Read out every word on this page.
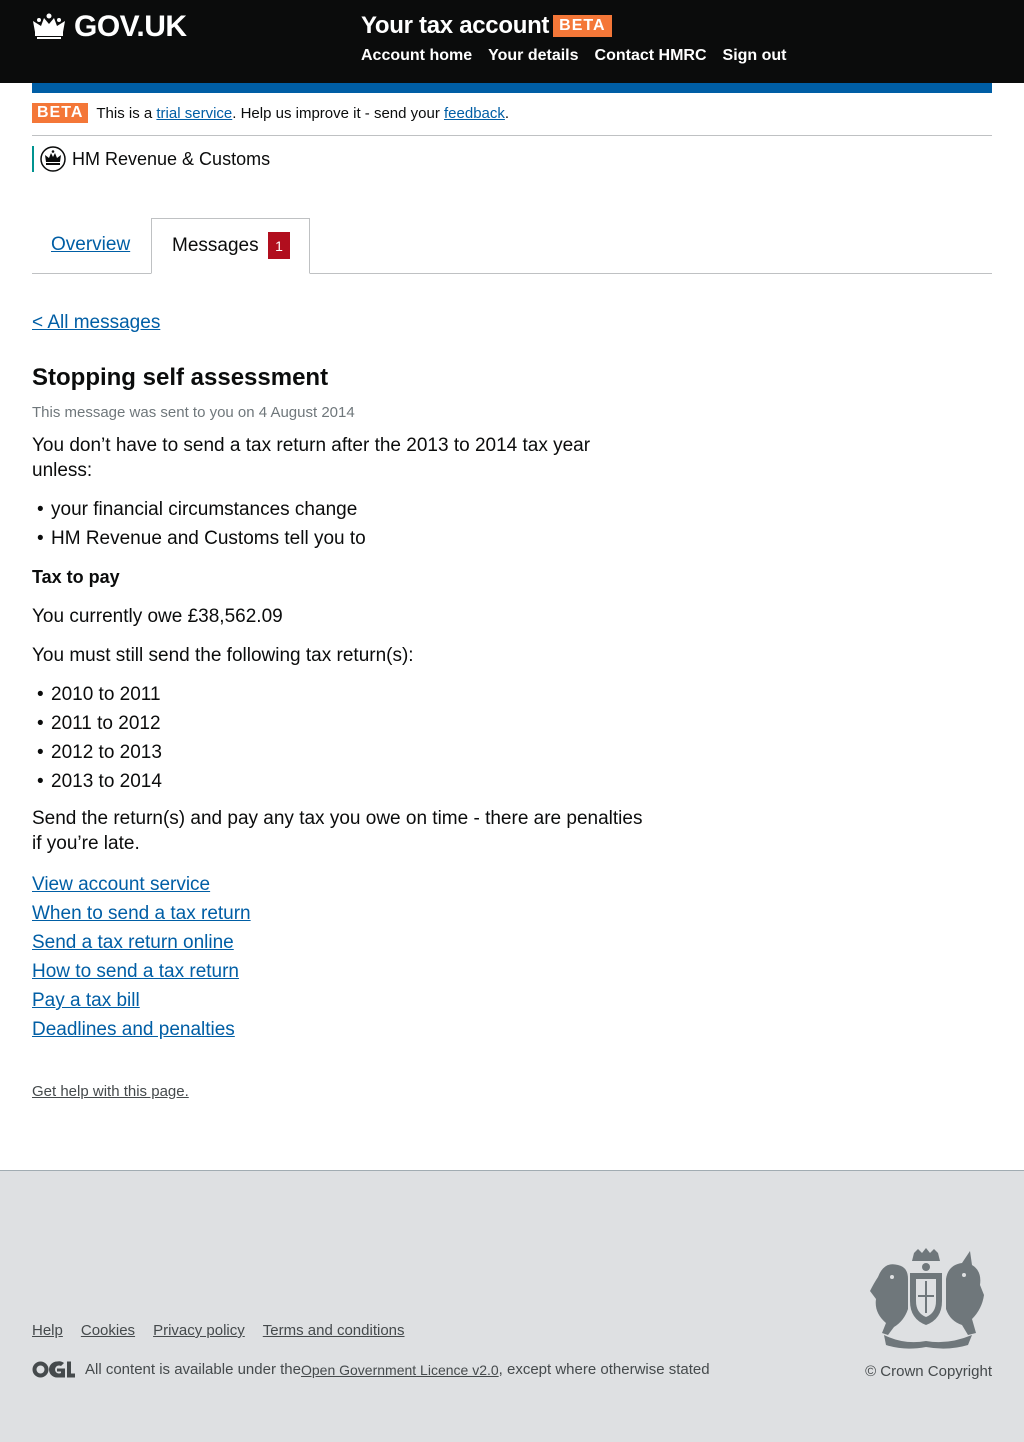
GOV.UK	Your tax account BETA
Account home Your details Contact HMRC Sign out
BETA This is a trial service. Help us improve it - send your feedback.
HM Revenue & Customs
Overview Messages	1
< All messages
Stopping self assessment
This message was sent to you on 4 August 2014

You don’t have to send a tax return after the 2013 to 2014 tax year unless:

• your financial circumstances change
• HM Revenue and Customs tell you to
Tax to pay

You currently owe £38,562.09

You must still send the following tax return(s):

• 2010 to 2011
• 2011 to 2012
• 2012 to 2013
• 2013 to 2014

Send the return(s) and pay any tax you owe on time - there are penalties if you’re late.

View account service
When to send a tax return
Send a tax return online
How to send a tax return
Pay a tax bill
Deadlines and penalties
Get help with this page.
Help Cookies Privacy policy Terms and conditions
All content is available under the Open Government Licence v2.0 , except where otherwise stated	© Crown Copyright
